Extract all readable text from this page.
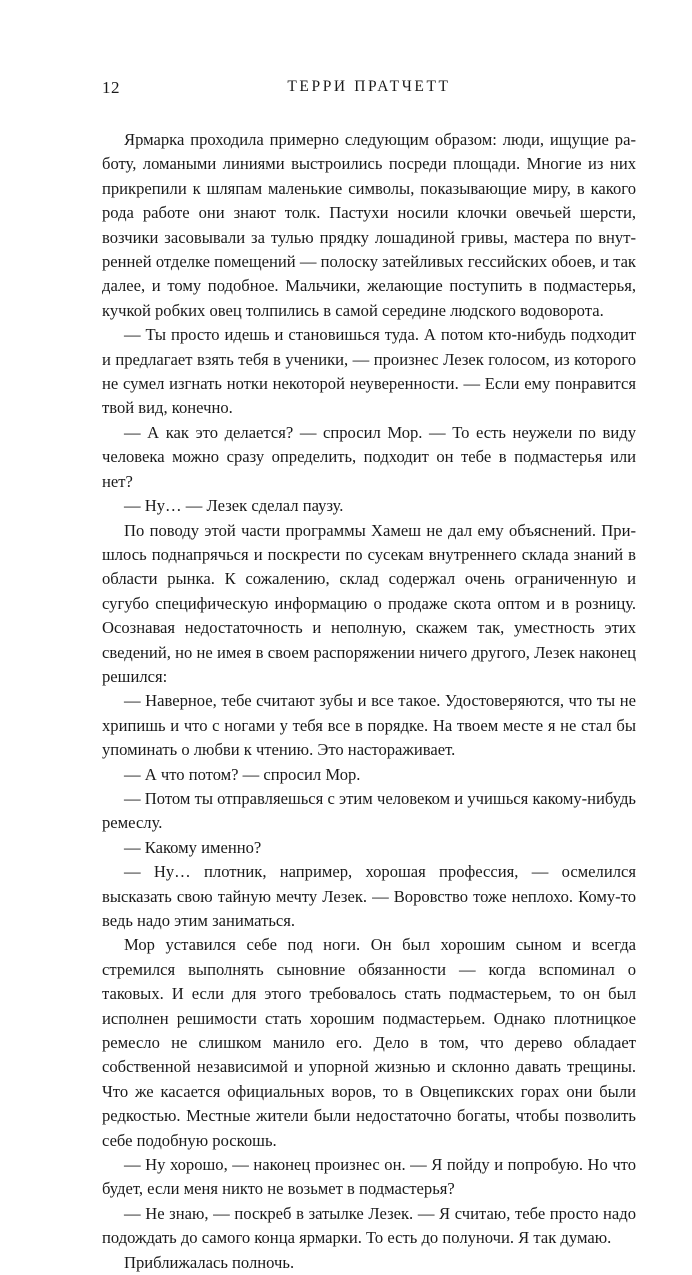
12	ТЕРРИ ПРАТЧЕТТ

Ярмарка проходила примерно следующим образом: люди, ищущие работу, ломаными линиями выстроились посреди площади. Многие из них прикрепили к шляпам маленькие символы, показывающие миру, в какого рода работе они знают толк. Пастухи носили клочки овечьей шерсти, возчики засовывали за тулью прядку лошадиной гривы, мастера по внутренней отделке помещений — полоску затейливых гессийских обоев, и так далее, и тому подобное. Мальчики, желающие поступить в подмастерья, кучкой робких овец толпились в самой середине людского водоворота.

— Ты просто идешь и становишься туда. А потом кто-нибудь подходит и предлагает взять тебя в ученики, — произнес Лезек голосом, из которого не сумел изгнать нотки некоторой неуверенности. — Если ему понравится твой вид, конечно.

— А как это делается? — спросил Мор. — То есть неужели по виду человека можно сразу определить, подходит он тебе в подмастерья или нет?

— Ну… — Лезек сделал паузу.

По поводу этой части программы Хамеш не дал ему объяснений. Пришлось поднапрячься и поскрести по сусекам внутреннего склада знаний в области рынка. К сожалению, склад содержал очень ограниченную и сугубо специфическую информацию о продаже скота оптом и в розницу. Осознавая недостаточность и неполную, скажем так, уместность этих сведений, но не имея в своем распоряжении ничего другого, Лезек наконец решился:

— Наверное, тебе считают зубы и все такое. Удостоверяются, что ты не хрипишь и что с ногами у тебя все в порядке. На твоем месте я не стал бы упоминать о любви к чтению. Это настораживает.

— А что потом? — спросил Мор.

— Потом ты отправляешься с этим человеком и учишься какому-нибудь ремеслу.

— Какому именно?

— Ну… плотник, например, хорошая профессия, — осмелился высказать свою тайную мечту Лезек. — Воровство тоже неплохо. Кому-то ведь надо этим заниматься.

Мор уставился себе под ноги. Он был хорошим сыном и всегда стремился выполнять сыновние обязанности — когда вспоминал о таковых. И если для этого требовалось стать подмастерьем, то он был исполнен решимости стать хорошим подмастерьем. Однако плотницкое ремесло не слишком манило его. Дело в том, что дерево обладает собственной независимой и упорной жизнью и склонно давать трещины. Что же касается официальных воров, то в Овцепикских горах они были редкостью. Местные жители были недостаточно богаты, чтобы позволить себе подобную роскошь.

— Ну хорошо, — наконец произнес он. — Я пойду и попробую. Но что будет, если меня никто не возьмет в подмастерья?

— Не знаю, — поскреб в затылке Лезек. — Я считаю, тебе просто надо подождать до самого конца ярмарки. То есть до полуночи. Я так думаю.

Приближалась полночь.
